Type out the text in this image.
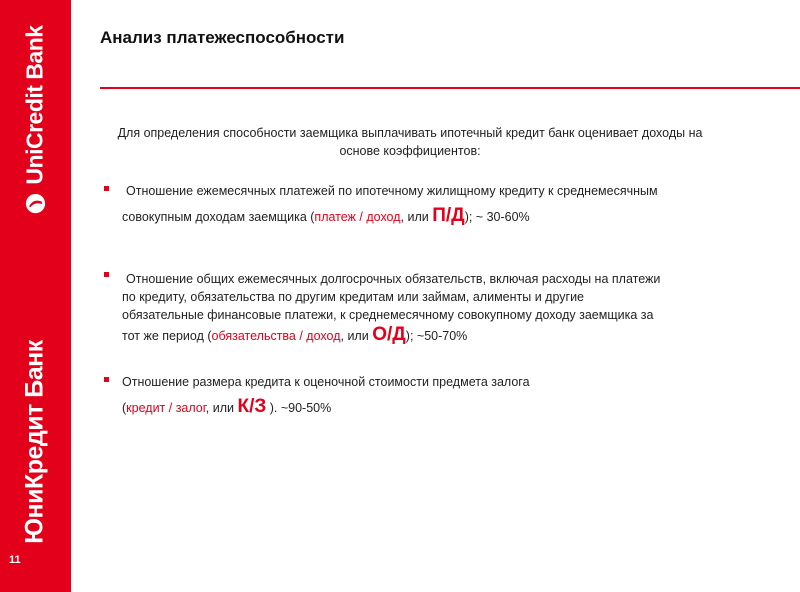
UniCredit Bank
ЮниКредит Банк
11
Анализ платежеспособности
Для определения способности заемщика выплачивать ипотечный кредит банк оценивает доходы на основе коэффициентов:
Отношение ежемесячных платежей по ипотечному жилищному кредиту к среднемесячным
совокупным доходам заемщика (платеж / доход, или П/Д); ~ 30-60%
Отношение общих ежемесячных долгосрочных обязательств, включая расходы на платежи
по кредиту, обязательства по другим кредитам или займам, алименты и другие
обязательные финансовые платежи, к среднемесячному совокупному доходу заемщика за
тот же период (обязательства / доход, или О/Д); ~50-70%
Отношение размера кредита к оценочной стоимости предмета залога
(кредит / залог, или К/З ). ~90-50%
